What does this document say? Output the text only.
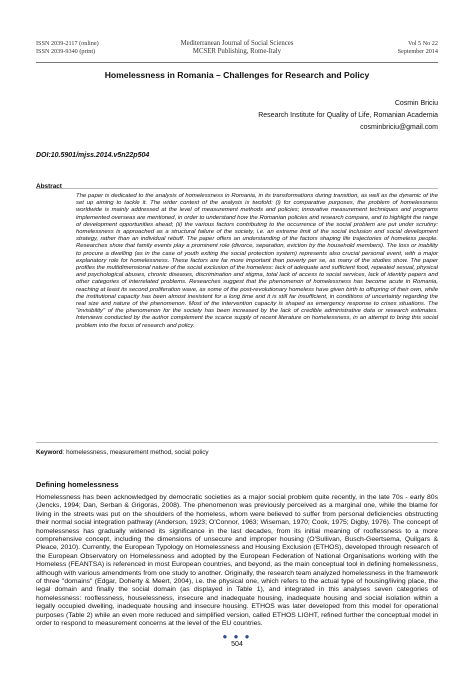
ISSN 2039-2117 (online)
ISSN 2039-9340 (print)
Mediterranean Journal of Social Sciences
MCSER Publishing, Rome-Italy
Vol 5 No 22
September 2014
Homelessness in Romania – Challenges for Research and Policy
Cosmin Briciu
Research Institute for Quality of Life, Romanian Academia
cosminbriciu@gmail.com
DOI:10.5901/mjss.2014.v5n22p504
Abstract

The paper is dedicated to the analysis of homelessness in Romania, in its transformations during transition, as well as the dynamic of the set up aiming to tackle it. The wider context of the analysis is twofold: (i) for comparative purposes, the problem of homelessness worldwide is mainly addressed at the level of measurement methods and policies; innovative measurement techniques and programs implemented overseas are mentioned, in order to understand how the Romanian policies and research compare, and to highlight the range of development opportunities ahead; (ii) the various factors contributing to the occurrence of the social problem are put under scrutiny: homelessness is approached as a structural failure of the society, i.e. an extreme limit of the social inclusion and social development strategy, rather than an individual rebuff. The paper offers an understanding of the factors shaping life trajectories of homeless people. Researches show that family events play a prominent role (divorce, separation, eviction by the household members). The loss or inability to procure a dwelling (as in the case of youth exiting the social protection system) represents also crucial personal event, with a major explanatory role for homelessness. These factors are far more important than poverty per se, as many of the studies show. The paper profiles the multidimensional nature of the social exclusion of the homeless: lack of adequate and sufficient food, repeated sexual, physical and psychological abuses, chronic diseases, discrimination and stigma, total lack of access to social services, lack of identity papers and other categories of interrelated problems. Researches suggest that the phenomenon of homelessness has become acute in Romania, reaching at least its second proliferation wave, as some of the post-revolutionary homeless have given birth to offspring of their own, while the institutional capacity has been almost inexistent for a long time and it is still far insufficient, in conditions of uncertainty regarding the real size and nature of the phenomenon. Most of the intervention capacity is shaped as emergency response to crises situations. The "invisibility" of the phenomenon for the society has been increased by the lack of credible administrative data or research estimates. Interviews conducted by the author complement the scarce supply of recent literature on homelessness, in an attempt to bring this social problem into the focus of research and policy.

Keyword: homelessness, measurement method, social policy
Defining homelessness

Homelessness has been acknowledged by democratic societies as a major social problem quite recently, in the late 70s - early 80s (Jencks, 1994; Dan, Serban & Grigoras, 2008). The phenomenon was previously perceived as a marginal one, while the blame for living in the streets was put on the shoulders of the homeless, whom were believed to suffer from personal deficiencies obstructing their normal social integration pathway (Anderson, 1923; O'Connor, 1963; Wiseman, 1970; Cook, 1975; Digby, 1976). The concept of homelessness has gradually widened its significance in the last decades, from its initial meaning of rooflessness to a more comprehensive concept, including the dimensions of unsecure and improper housing (O'Sullivan, Busch-Geertsema, Quilgars & Pleace, 2010). Currently, the European Typology on Homelessness and Housing Exclusion (ETHOS), developed through research of the European Observatory on Homelessness and adopted by the European Federation of National Organisations working with the Homeless (FEANTSA) is referenced in most European countries, and beyond, as the main conceptual tool in defining homelessness, although with various amendments from one study to another. Originally, the research team analyzed homelessness in the framework of three "domains" (Edgar, Doherty & Meert, 2004), i.e. the physical one, which refers to the actual type of housing/living place, the legal domain and finally the social domain (as displayed in Table 1), and integrated in this analyses seven categories of homelessness: rooflessness, houselessness, insecure and inadequate housing, inadequate housing and social isolation within a legally occupied dwelling, inadequate housing and insecure housing. ETHOS was later developed from this model for operational purposes (Table 2) while an even more reduced and simplified version, called ETHOS LIGHT, refined further the conceptual model in order to respond to measurement concerns at the level of the EU countries.

● ● ●
504
